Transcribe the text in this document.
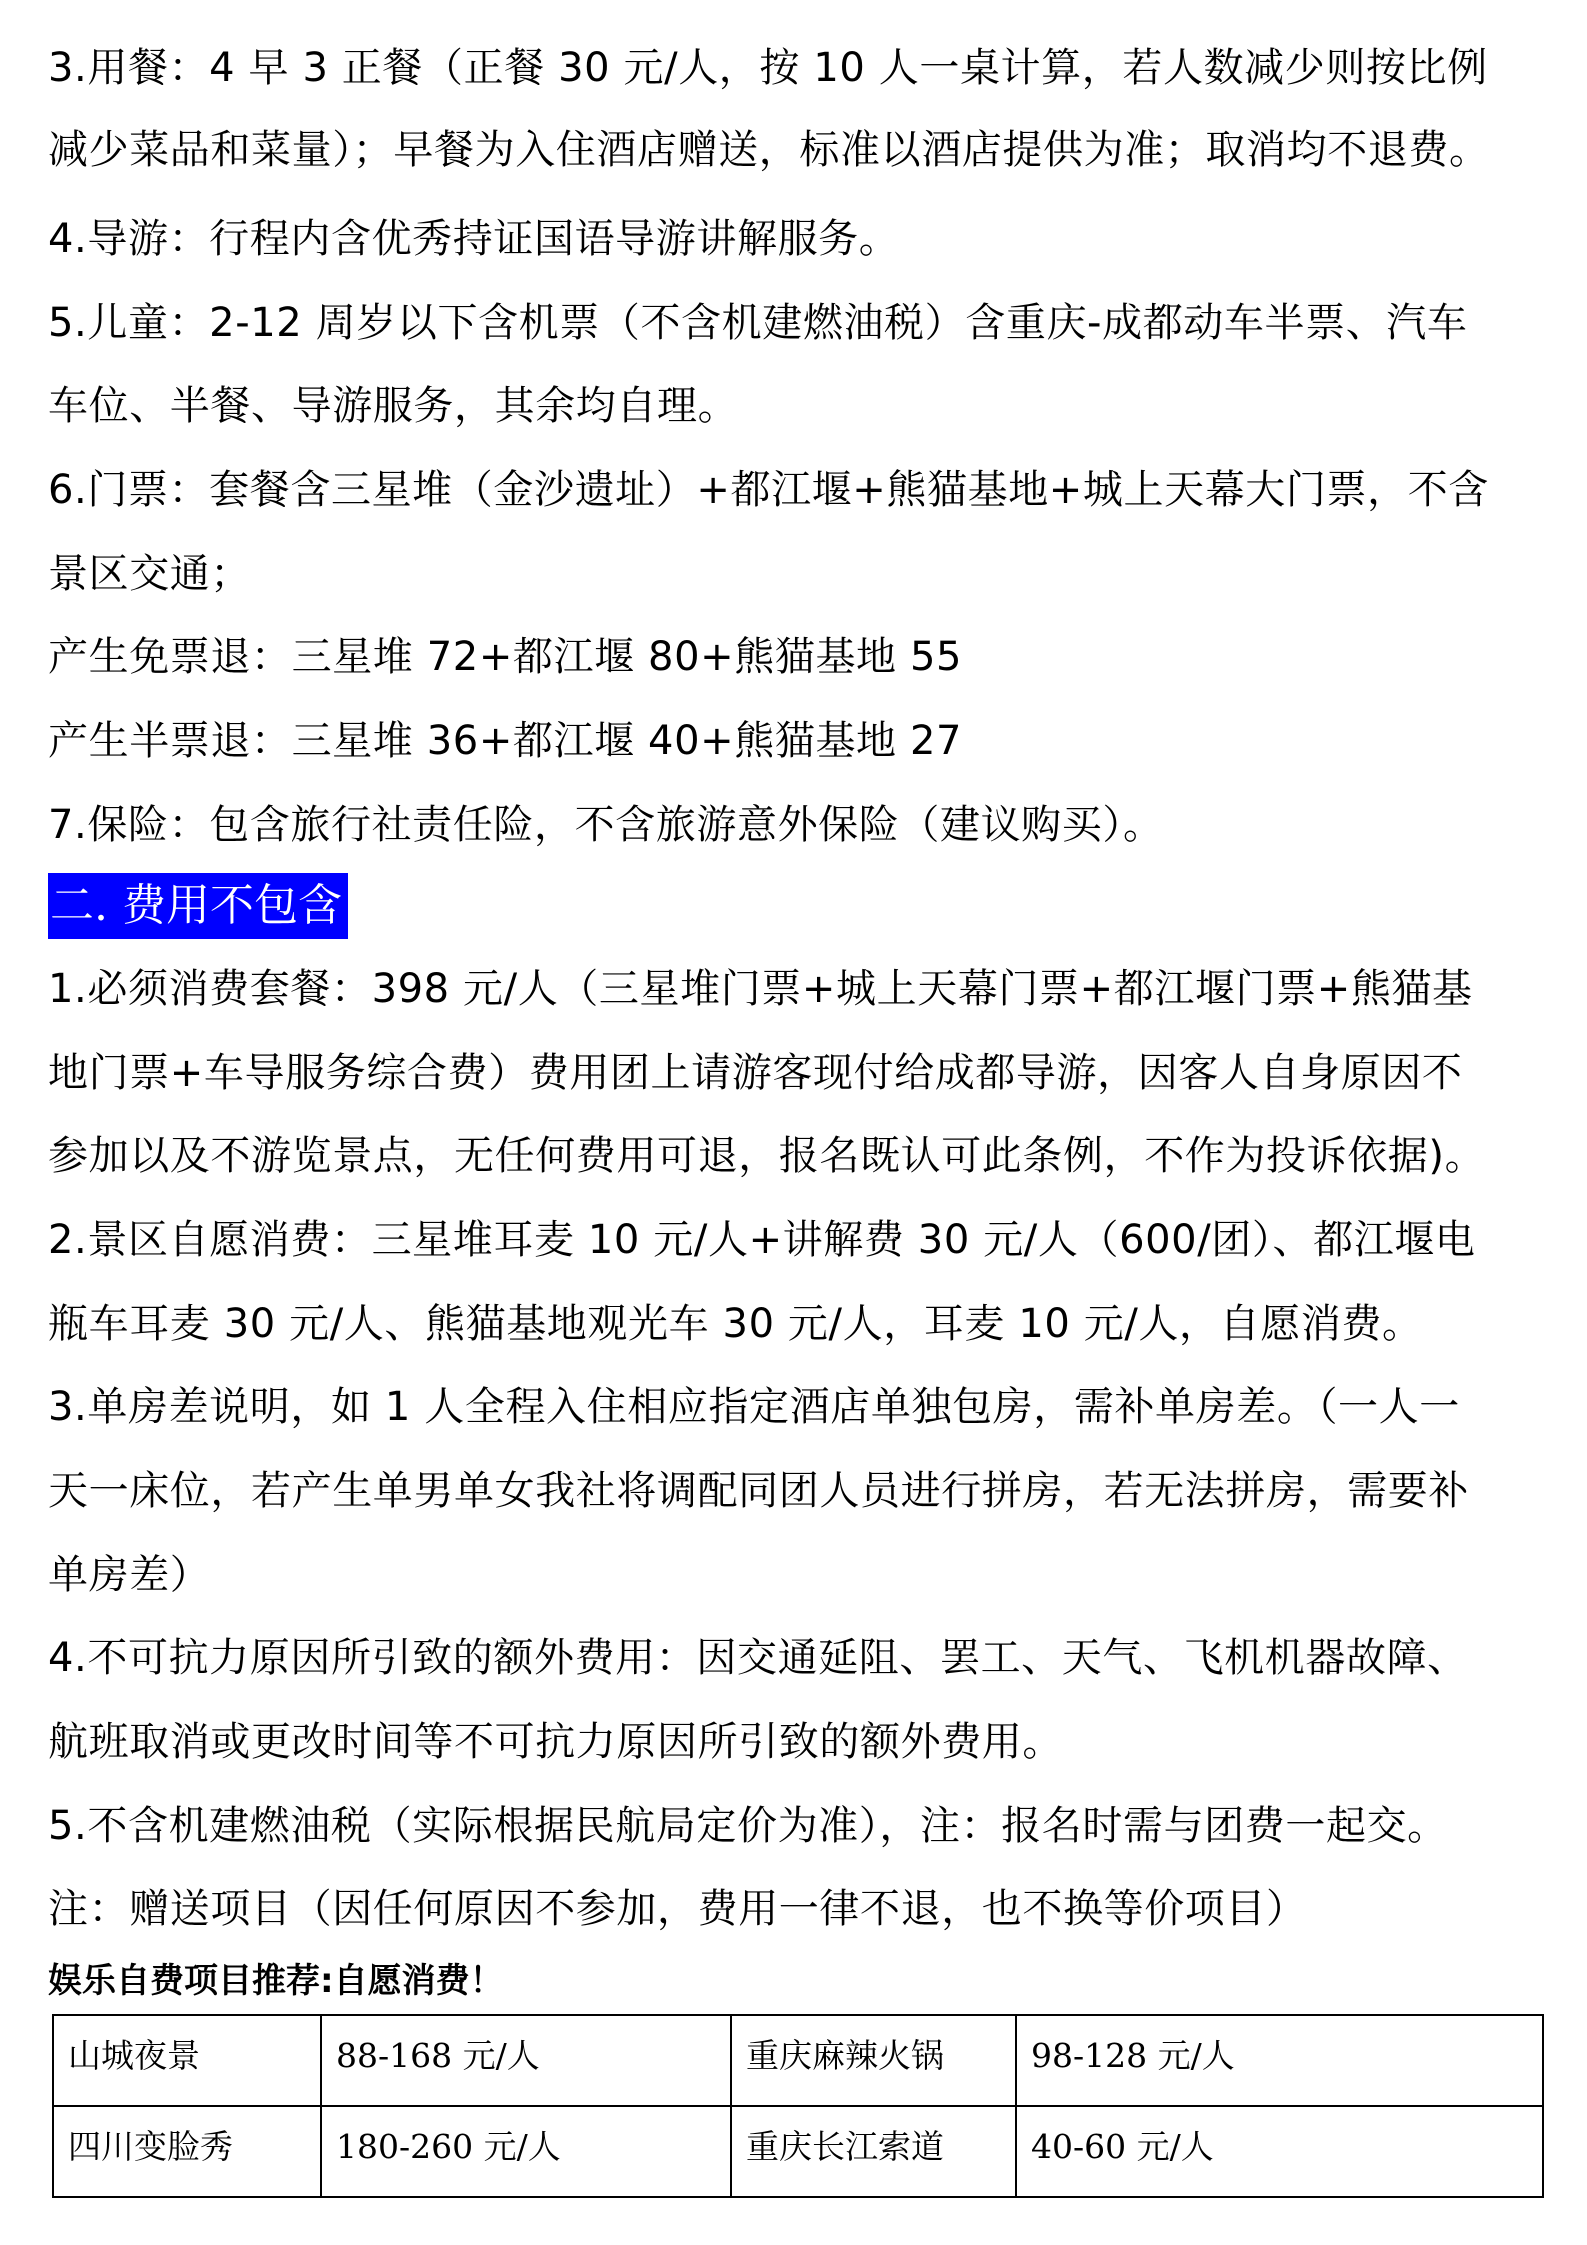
3.用餐：4 早 3 正餐（正餐 30 元/人，按 10 人一桌计算，若人数减少则按比例
减少菜品和菜量）；早餐为入住酒店赠送，标准以酒店提供为准；取消均不退费。
4.导游：行程内含优秀持证国语导游讲解服务。
5.儿童：2-12 周岁以下含机票（不含机建燃油税）含重庆-成都动车半票、汽车
车位、半餐、导游服务，其余均自理。
6.门票：套餐含三星堆（金沙遗址）+都江堰+熊猫基地+城上天幕大门票，不含
景区交通；
产生免票退：三星堆 72+都江堰 80+熊猫基地 55
产生半票退：三星堆 36+都江堰 40+熊猫基地 27
7.保险：包含旅行社责任险，不含旅游意外保险（建议购买）。
二. 费用不包含
1.必须消费套餐：398 元/人（三星堆门票+城上天幕门票+都江堰门票+熊猫基
地门票+车导服务综合费）费用团上请游客现付给成都导游，因客人自身原因不
参加以及不游览景点，无任何费用可退，报名既认可此条例，不作为投诉依据)。
2.景区自愿消费：三星堆耳麦 10 元/人+讲解费 30 元/人（600/团）、都江堰电
瓶车耳麦 30 元/人、熊猫基地观光车 30 元/人，耳麦 10 元/人，自愿消费。
3.单房差说明，如 1 人全程入住相应指定酒店单独包房，需补单房差。（一人一
天一床位，若产生单男单女我社将调配同团人员进行拼房，若无法拼房，需要补
单房差）
4.不可抗力原因所引致的额外费用：因交通延阻、罢工、天气、飞机机器故障、
航班取消或更改时间等不可抗力原因所引致的额外费用。
5.不含机建燃油税（实际根据民航局定价为准），注：报名时需与团费一起交。
注：赠送项目（因任何原因不参加，费用一律不退，也不换等价项目）
娱乐自费项目推荐:自愿消费！
山城夜景	88-168 元/人	重庆麻辣火锅	98-128 元/人
四川变脸秀	180-260 元/人	重庆长江索道	40-60 元/人
